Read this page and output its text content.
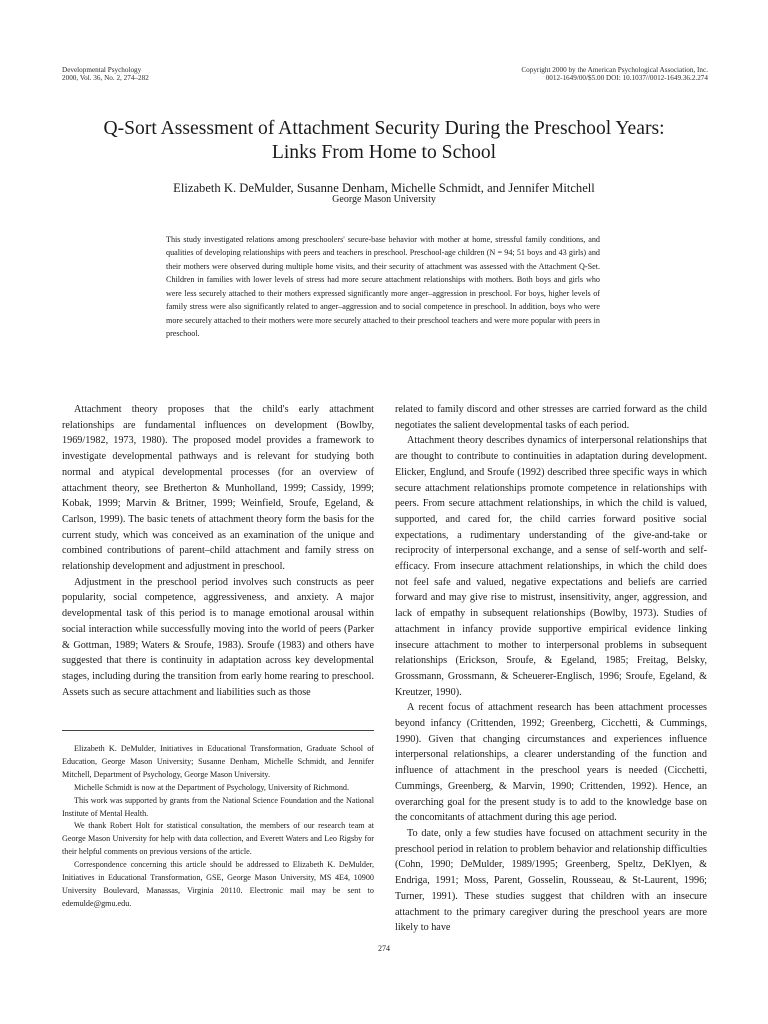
Developmental Psychology
2000, Vol. 36, No. 2, 274–282
Copyright 2000 by the American Psychological Association, Inc.
0012-1649/00/$5.00 DOI: 10.1037//0012-1649.36.2.274
Q-Sort Assessment of Attachment Security During the Preschool Years:
Links From Home to School
Elizabeth K. DeMulder, Susanne Denham, Michelle Schmidt, and Jennifer Mitchell
George Mason University

This study investigated relations among preschoolers' secure-base behavior with mother at home, stressful family conditions, and qualities of developing relationships with peers and teachers in preschool. Preschool-age children (N = 94; 51 boys and 43 girls) and their mothers were observed during multiple home visits, and their security of attachment was assessed with the Attachment Q-Set. Children in families with lower levels of stress had more secure attachment relationships with mothers. Both boys and girls who were less securely attached to their mothers expressed significantly more anger–aggression in preschool. For boys, higher levels of family stress were also significantly related to anger–aggression and to social competence in preschool. In addition, boys who were more securely attached to their mothers were more securely attached to their preschool teachers and were more popular with peers in preschool.

Attachment theory proposes that the child's early attachment relationships are fundamental influences on development (Bowlby, 1969/1982, 1973, 1980). The proposed model provides a framework to investigate developmental pathways and is relevant for studying both normal and atypical developmental processes (for an overview of attachment theory, see Bretherton & Munholland, 1999; Cassidy, 1999; Kobak, 1999; Marvin & Britner, 1999; Weinfield, Sroufe, Egeland, & Carlson, 1999). The basic tenets of attachment theory form the basis for the current study, which was conceived as an examination of the unique and combined contributions of parent–child attachment and family stress on relationship development and adjustment in preschool.

Adjustment in the preschool period involves such constructs as peer popularity, social competence, aggressiveness, and anxiety. A major developmental task of this period is to manage emotional arousal within social interaction while successfully moving into the world of peers (Parker & Gottman, 1989; Waters & Sroufe, 1983). Sroufe (1983) and others have suggested that there is continuity in adaptation across key developmental stages, including during the transition from early home rearing to preschool. Assets such as secure attachment and liabilities such as those

Elizabeth K. DeMulder, Initiatives in Educational Transformation, Graduate School of Education, George Mason University; Susanne Denham, Michelle Schmidt, and Jennifer Mitchell, Department of Psychology, George Mason University.

Michelle Schmidt is now at the Department of Psychology, University of Richmond.

This work was supported by grants from the National Science Foundation and the National Institute of Mental Health.

We thank Robert Holt for statistical consultation, the members of our research team at George Mason University for help with data collection, and Everett Waters and Leo Rigsby for their helpful comments on previous versions of the article.

Correspondence concerning this article should be addressed to Elizabeth K. DeMulder, Initiatives in Educational Transformation, GSE, George Mason University, MS 4E4, 10900 University Boulevard, Manassas, Virginia 20110. Electronic mail may be sent to edemulde@gmu.edu.

related to family discord and other stresses are carried forward as the child negotiates the salient developmental tasks of each period.

Attachment theory describes dynamics of interpersonal relationships that are thought to contribute to continuities in adaptation during development. Elicker, Englund, and Sroufe (1992) described three specific ways in which secure attachment relationships promote competence in relationships with peers. From secure attachment relationships, in which the child is valued, supported, and cared for, the child carries forward positive social expectations, a rudimentary understanding of the give-and-take or reciprocity of interpersonal exchange, and a sense of self-worth and self-efficacy. From insecure attachment relationships, in which the child does not feel safe and valued, negative expectations and beliefs are carried forward and may give rise to mistrust, insensitivity, anger, aggression, and lack of empathy in subsequent relationships (Bowlby, 1973). Studies of attachment in infancy provide supportive empirical evidence linking insecure attachment to mother to interpersonal problems in subsequent relationships (Erickson, Sroufe, & Egeland, 1985; Freitag, Belsky, Grossmann, Grossmann, & Scheuerer-Englisch, 1996; Sroufe, Egeland, & Kreutzer, 1990).

A recent focus of attachment research has been attachment processes beyond infancy (Crittenden, 1992; Greenberg, Cicchetti, & Cummings, 1990). Given that changing circumstances and experiences influence interpersonal relationships, a clearer understanding of the function and influence of attachment in the preschool years is needed (Cicchetti, Cummings, Greenberg, & Marvin, 1990; Crittenden, 1992). Hence, an overarching goal for the present study is to add to the knowledge base on the concomitants of attachment during this age period.

To date, only a few studies have focused on attachment security in the preschool period in relation to problem behavior and relationship difficulties (Cohn, 1990; DeMulder, 1989/1995; Greenberg, Speltz, DeKlyen, & Endriga, 1991; Moss, Parent, Gosselin, Rousseau, & St-Laurent, 1996; Turner, 1991). These studies suggest that children with an insecure attachment to the primary caregiver during the preschool years are more likely to have

274
